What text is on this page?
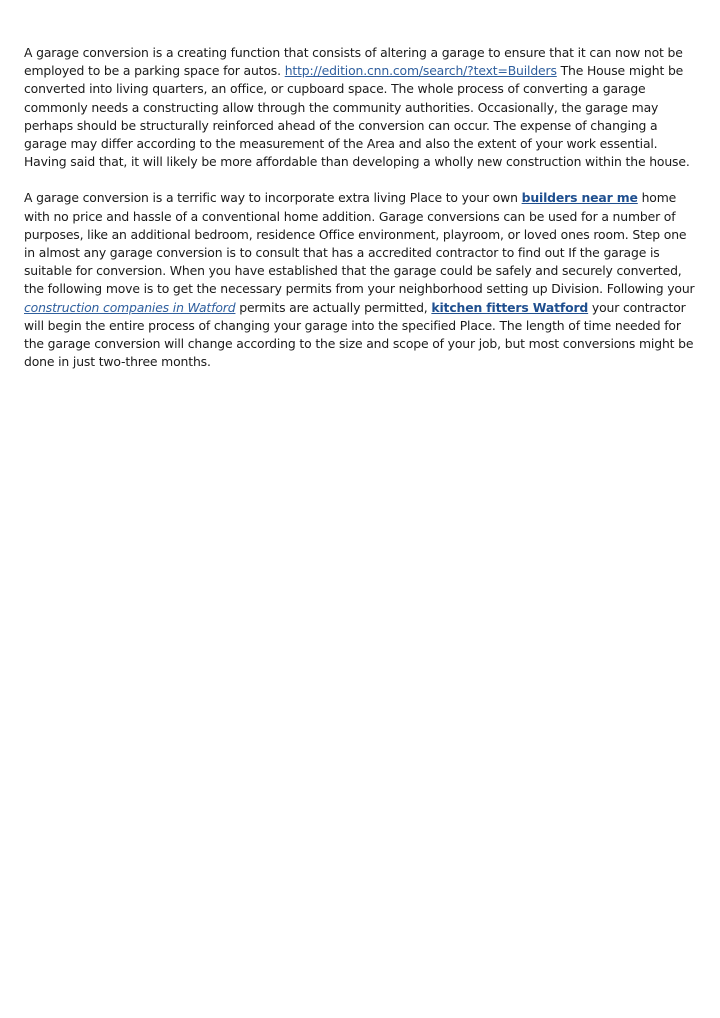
A garage conversion is a creating function that consists of altering a garage to ensure that it can now not be employed to be a parking space for autos. http://edition.cnn.com/search/?text=Builders The House might be converted into living quarters, an office, or cupboard space. The whole process of converting a garage commonly needs a constructing allow through the community authorities. Occasionally, the garage may perhaps should be structurally reinforced ahead of the conversion can occur. The expense of changing a garage may differ according to the measurement of the Area and also the extent of your work essential. Having said that, it will likely be more affordable than developing a wholly new construction within the house.

A garage conversion is a terrific way to incorporate extra living Place to your own builders near me home with no price and hassle of a conventional home addition. Garage conversions can be used for a number of purposes, like an additional bedroom, residence Office environment, playroom, or loved ones room. Step one in almost any garage conversion is to consult that has a accredited contractor to find out If the garage is suitable for conversion. When you have established that the garage could be safely and securely converted, the following move is to get the necessary permits from your neighborhood setting up Division. Following your construction companies in Watford permits are actually permitted, kitchen fitters Watford your contractor will begin the entire process of changing your garage into the specified Place. The length of time needed for the garage conversion will change according to the size and scope of your job, but most conversions might be done in just two-three months.
